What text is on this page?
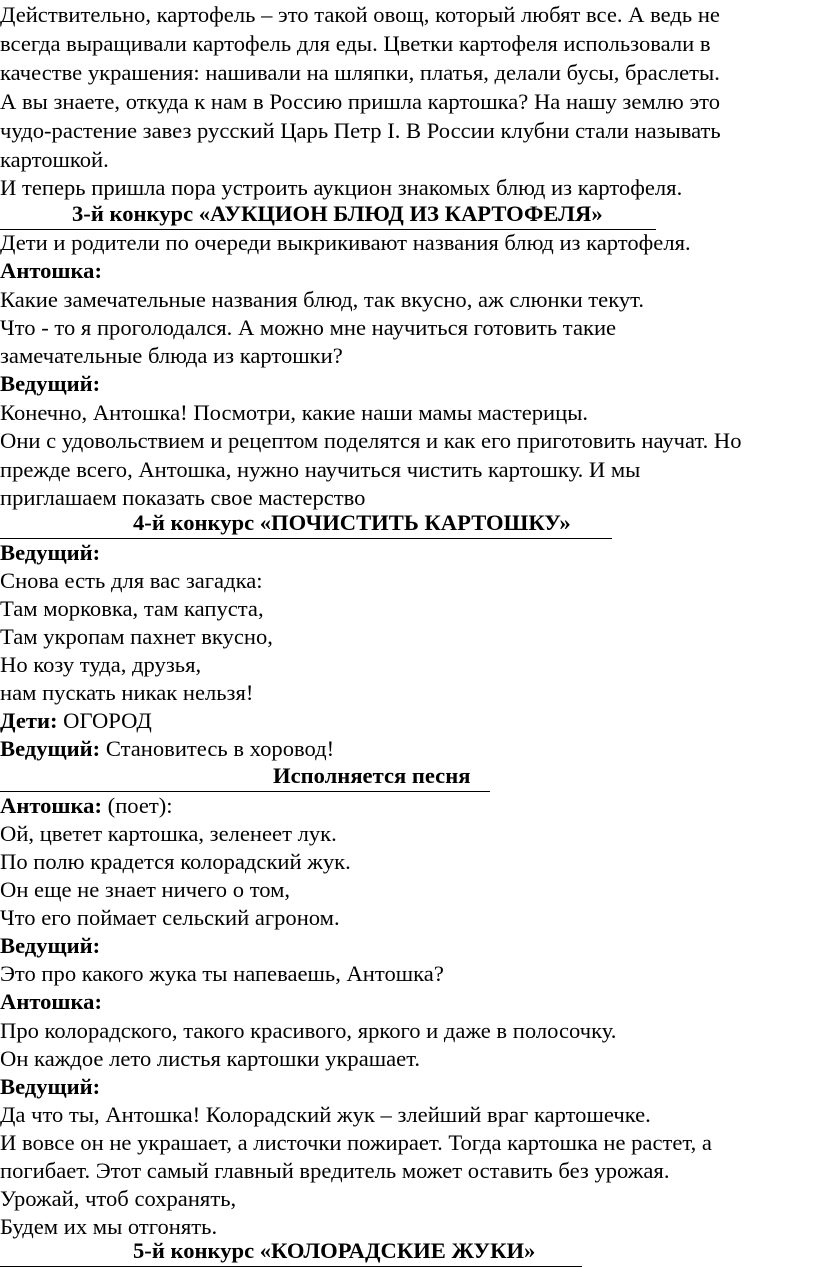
Действительно, картофель – это такой овощ, который любят все. А ведь не
всегда выращивали картофель для еды. Цветки картофеля использовали в
качестве украшения: нашивали на шляпки, платья, делали бусы, браслеты.
А вы знаете, откуда к нам в Россию пришла картошка? На нашу землю это
чудо-растение завез русский Царь Петр I. В России клубни стали называть
картошкой.
И теперь пришла пора устроить аукцион знакомых блюд из картофеля.
3-й конкурс «АУКЦИОН БЛЮД ИЗ КАРТОФЕЛЯ»
Дети и родители по очереди выкрикивают названия блюд из картофеля.
Антошка:
Какие замечательные названия блюд, так вкусно, аж слюнки текут.
Что - то я проголодался. А можно мне научиться готовить такие
замечательные блюда из картошки?
Ведущий:
Конечно, Антошка! Посмотри, какие наши мамы мастерицы.
Они с удовольствием и рецептом поделятся и как его приготовить научат. Но
прежде всего, Антошка, нужно научиться чистить картошку. И мы
приглашаем показать свое мастерство
4-й конкурс «ПОЧИСТИТЬ КАРТОШКУ»
Ведущий:
Снова есть для вас загадка:
Там морковка, там капуста,
Там укропам пахнет вкусно,
Но козу туда, друзья,
нам пускать никак нельзя!
Дети: ОГОРОД
Ведущий: Становитесь в хоровод!
Исполняется песня
Антошка: (поет):
Ой, цветет картошка, зеленеет лук.
По полю крадется колорадский жук.
Он еще не знает ничего о том,
Что его поймает сельский агроном.
Ведущий:
Это про какого жука ты напеваешь, Антошка?
Антошка:
Про колорадского, такого красивого, яркого и даже в полосочку.
Он каждое лето листья картошки украшает.
Ведущий:
Да что ты, Антошка! Колорадский жук – злейший враг картошечке.
И вовсе он не украшает, а листочки пожирает. Тогда картошка не растет, а
погибает. Этот самый главный вредитель может оставить без урожая.
Урожай, чтоб сохранять,
Будем их мы отгонять.
5-й конкурс «КОЛОРАДСКИЕ ЖУКИ»
